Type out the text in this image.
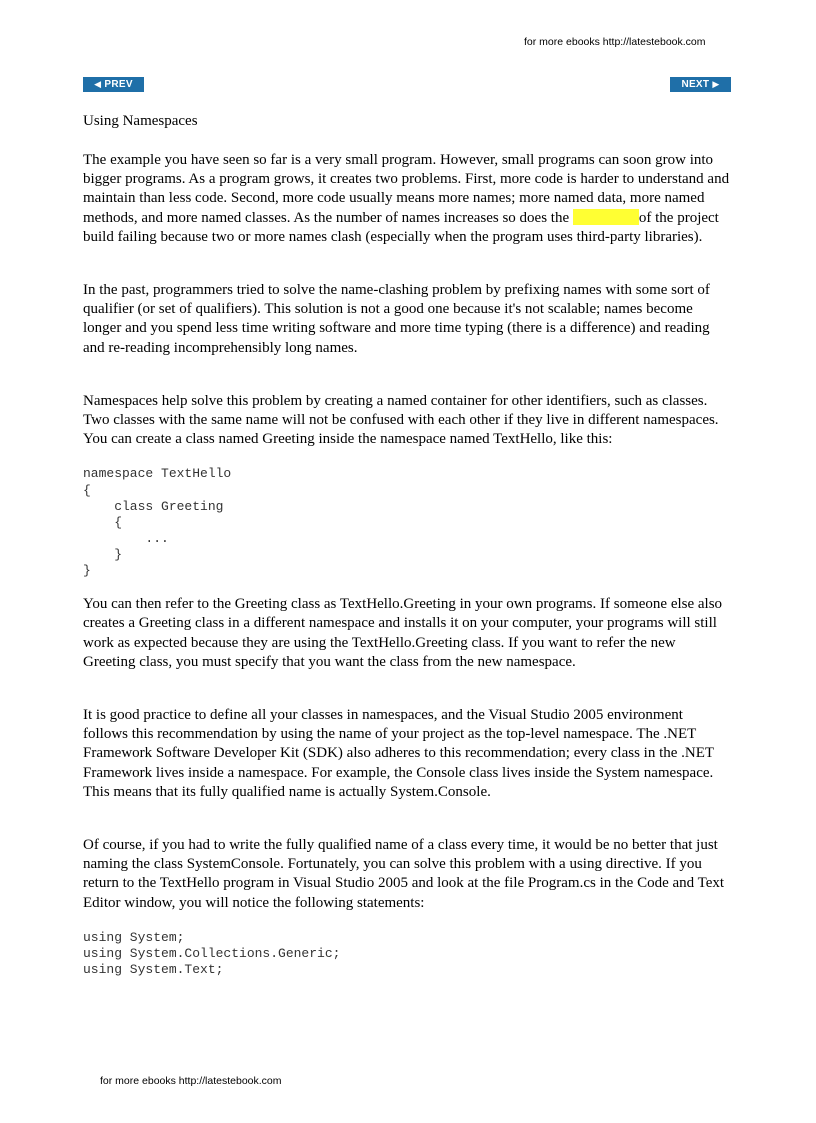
for more ebooks http://latestebook.com
◀ PREV	NEXT ▶
Using Namespaces

The example you have seen so far is a very small program. However, small programs can soon grow into bigger programs. As a program grows, it creates two problems. First, more code is harder to understand and maintain than less code. Second, more code usually means more names; more named data, more named methods, and more named classes. As the number of names increases so does the	of the project build failing because two or more names clash (especially when the program uses third-party libraries).

In the past, programmers tried to solve the name-clashing problem by prefixing names with some sort of qualifier (or set of qualifiers). This solution is not a good one because it's not scalable; names become longer and you spend less time writing software and more time typing (there is a difference) and reading and re-reading incomprehensibly long names.

Namespaces help solve this problem by creating a named container for other identifiers, such as classes. Two classes with the same name will not be confused with each other if they live in different namespaces. You can create a class named Greeting inside the namespace named TextHello, like this:

namespace TextHello
{
class Greeting
{
...
}
}

You can then refer to the Greeting class as TextHello.Greeting in your own programs. If someone else also creates a Greeting class in a different namespace and installs it on your computer, your programs will still work as expected because they are using the TextHello.Greeting class. If you want to refer the new Greeting class, you must specify that you want the class from the new namespace.

It is good practice to define all your classes in namespaces, and the Visual Studio 2005 environment follows this recommendation by using the name of your project as the top-level namespace. The .NET Framework Software Developer Kit (SDK) also adheres to this recommendation; every class in the .NET Framework lives inside a namespace. For example, the Console class lives inside the System namespace. This means that its fully qualified name is actually System.Console.

Of course, if you had to write the fully qualified name of a class every time, it would be no better that just naming the class SystemConsole. Fortunately, you can solve this problem with a using directive. If you return to the TextHello program in Visual Studio 2005 and look at the file Program.cs in the Code and Text Editor window, you will notice the following statements:

using System;
using System.Collections.Generic;
using System.Text;
for more ebooks http://latestebook.com
